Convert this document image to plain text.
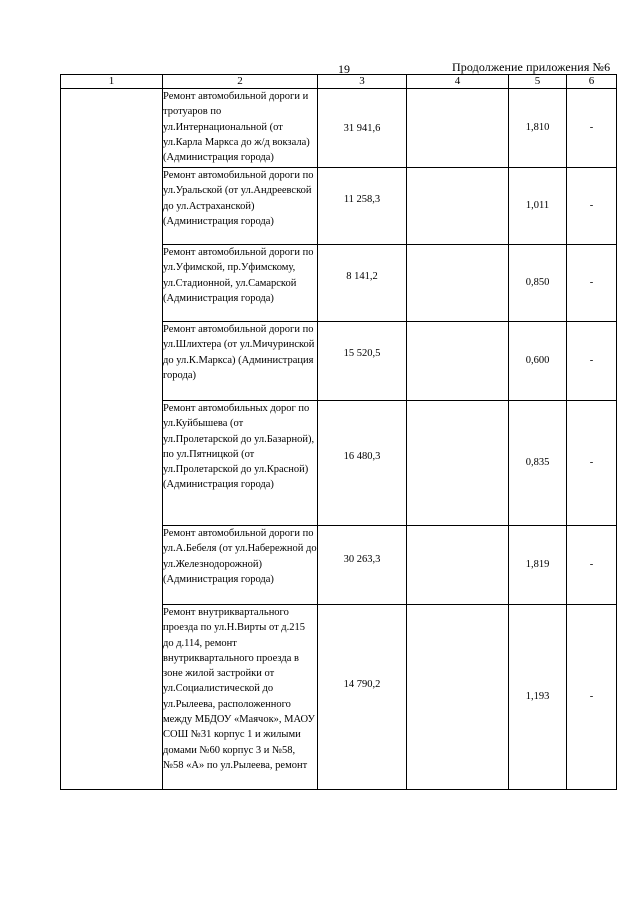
19	Продолжение приложения №6
1	2	3	4	5	6
	Ремонт автомобильной дороги и тротуаров по ул.Интернациональной (от ул.Карла Маркса до ж/д вокзала) (Администрация города)	31 941,6		1,810	-
	Ремонт автомобильной дороги по ул.Уральской (от ул.Андреевской до ул.Астраханской) (Администрация города)	11 258,3		1,011	-
	Ремонт автомобильной дороги по ул.Уфимской, пр.Уфимскому, ул.Стадионной, ул.Самарской (Администрация города)	8 141,2		0,850	-
	Ремонт автомобильной дороги по ул.Шлихтера (от ул.Мичуринской до ул.К.Маркса) (Администрация города)	15 520,5		0,600	-
	Ремонт автомобильных дорог по ул.Куйбышева (от ул.Пролетарской до ул.Базарной), по ул.Пятницкой (от ул.Пролетарской до ул.Красной) (Администрация города)	16 480,3		0,835	-
	Ремонт автомобильной дороги по ул.А.Бебеля (от ул.Набережной до ул.Железнодорожной) (Администрация города)	30 263,3		1,819	-
	Ремонт внутриквартального проезда по ул.Н.Вирты от д.215 до д.114, ремонт внутриквартального проезда в зоне жилой застройки от ул.Социалистической до ул.Рылеева, расположенного между МБДОУ «Маячок», МАОУ СОШ №31 корпус 1 и жилыми домами №60 корпус 3 и №58, №58 «А» по ул.Рылеева, ремонт	14 790,2		1,193	-
